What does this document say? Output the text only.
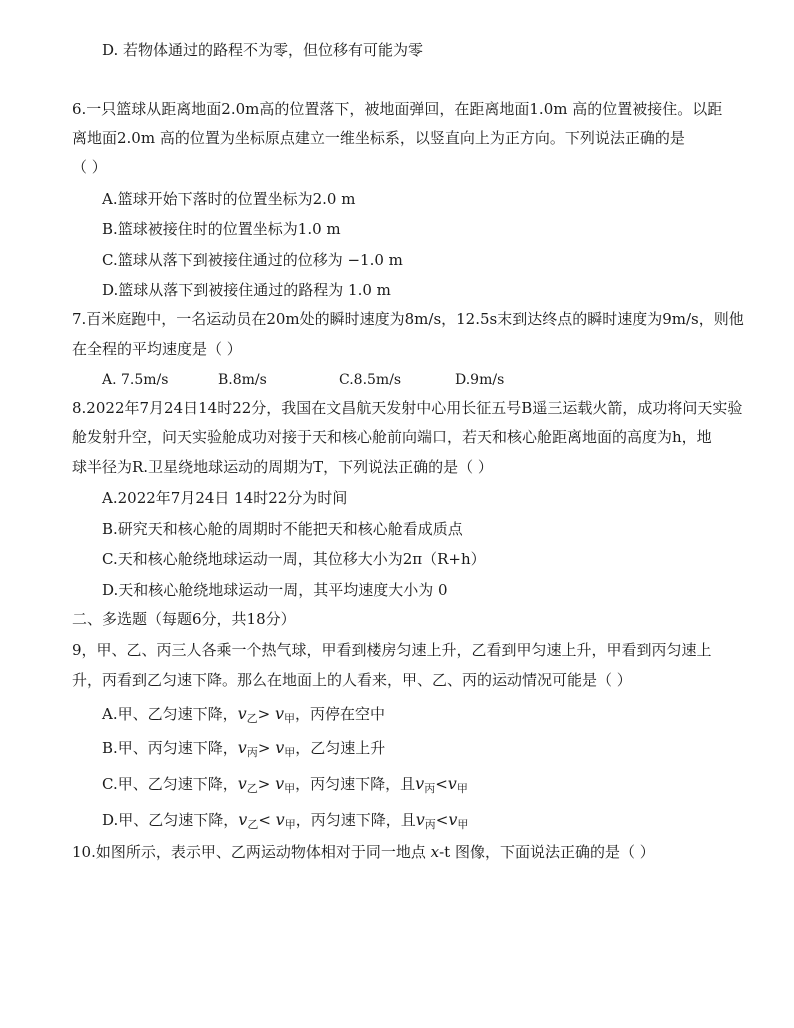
D. 若物体通过的路程不为零，但位移有可能为零
6.一只篮球从距离地面2.0m高的位置落下，被地面弹回，在距离地面1.0m 高的位置被接住。以距
离地面2.0m 高的位置为坐标原点建立一维坐标系，以竖直向上为正方向。下列说法正确的是
（ ）
A.篮球开始下落时的位置坐标为2.0 m
B.篮球被接住时的位置坐标为1.0 m
C.篮球从落下到被接住通过的位移为 −1.0 m
D.篮球从落下到被接住通过的路程为 1.0 m
7.百米庭跑中，一名运动员在20m处的瞬时速度为8m/s，12.5s末到达终点的瞬时速度为9m/s，则他
在全程的平均速度是（ ）
A. 7.5m/s	B.8m/s	C.8.5m/s	D.9m/s
8.2022年7月24日14时22分，我国在文昌航天发射中心用长征五号B遥三运载火箭，成功将问天实验
舱发射升空，问天实验舱成功对接于天和核心舱前向端口，若天和核心舱距离地面的高度为h，地
球半径为R.卫星绕地球运动的周期为T，下列说法正确的是（ ）
A.2022年7月24日 14时22分为时间
B.研究天和核心舱的周期时不能把天和核心舱看成质点
C.天和核心舱绕地球运动一周，其位移大小为2π（R+h）
D.天和核心舱绕地球运动一周，其平均速度大小为 0
二、多选题（每题6分，共18分）
9，甲、乙、丙三人各乘一个热气球，甲看到楼房匀速上升，乙看到甲匀速上升，甲看到丙匀速上
升，丙看到乙匀速下降。那么在地面上的人看来，甲、乙、丙的运动情况可能是（ ）
A.甲、乙匀速下降，$v_乙> v_甲$，丙停在空中
B.甲、丙匀速下降，$v_丙> v_甲$，乙匀速上升
C.甲、乙匀速下降，$v_乙> v_甲$，丙匀速下降，且$v_丙<v_甲$
D.甲、乙匀速下降，$v_乙< v_甲$，丙匀速下降，且$v_丙<v_甲$
10.如图所示，表示甲、乙两运动物体相对于同一地点 x-t 图像，下面说法正确的是（ ）
